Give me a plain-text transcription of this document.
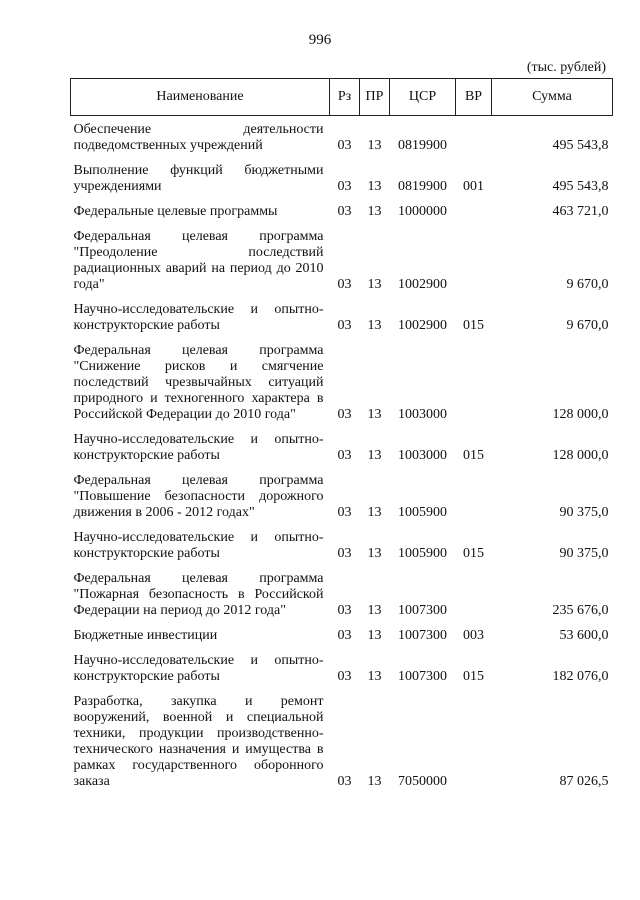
996
(тыс. рублей)
Наименование	Рз	ПР	ЦСР	ВР	Сумма
Обеспечение деятельности подведомственных учреждений	03	13	0819900		495 543,8
Выполнение функций бюджетными учреждениями	03	13	0819900	001	495 543,8
Федеральные целевые программы	03	13	1000000		463 721,0
Федеральная целевая программа "Преодоление последствий радиационных аварий на период до 2010 года"	03	13	1002900		9 670,0
Научно-исследовательские и опытно-конструкторские работы	03	13	1002900	015	9 670,0
Федеральная целевая программа "Снижение рисков и смягчение последствий чрезвычайных ситуаций природного и техногенного характера в Российской Федерации до 2010 года"	03	13	1003000		128 000,0
Научно-исследовательские и опытно-конструкторские работы	03	13	1003000	015	128 000,0
Федеральная целевая программа "Повышение безопасности дорожного движения в 2006 - 2012 годах"	03	13	1005900		90 375,0
Научно-исследовательские и опытно-конструкторские работы	03	13	1005900	015	90 375,0
Федеральная целевая программа "Пожарная безопасность в Российской Федерации на период до 2012 года"	03	13	1007300		235 676,0
Бюджетные инвестиции	03	13	1007300	003	53 600,0
Научно-исследовательские и опытно-конструкторские работы	03	13	1007300	015	182 076,0
Разработка, закупка и ремонт вооружений, военной и специальной техники, продукции производственно-технического назначения и имущества в рамках государственного оборонного заказа	03	13	7050000		87 026,5
